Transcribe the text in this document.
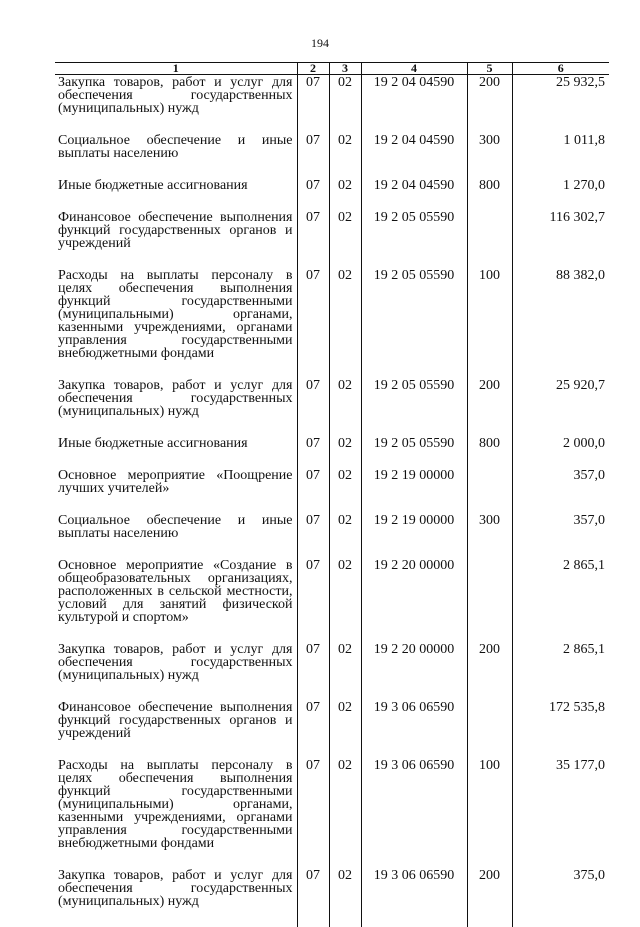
194
1	2	3	4	5	6
Закупка товаров, работ и услуг для обеспечения государственных (муниципальных) нужд	07	02	19 2 04 04590	200	25 932,5
Социальное обеспечение и иные выплаты населению	07	02	19 2 04 04590	300	1 011,8
Иные бюджетные ассигнования	07	02	19 2 04 04590	800	1 270,0
Финансовое обеспечение выполнения функций государственных органов и учреждений	07	02	19 2 05 05590		116 302,7
Расходы на выплаты персоналу в целях обеспечения выполнения функций государственными (муниципальными) органами, казенными учреждениями, органами управления государственными внебюджетными фондами	07	02	19 2 05 05590	100	88 382,0
Закупка товаров, работ и услуг для обеспечения государственных (муниципальных) нужд	07	02	19 2 05 05590	200	25 920,7
Иные бюджетные ассигнования	07	02	19 2 05 05590	800	2 000,0
Основное мероприятие «Поощрение лучших учителей»	07	02	19 2 19 00000		357,0
Социальное обеспечение и иные выплаты населению	07	02	19 2 19 00000	300	357,0
Основное мероприятие «Создание в общеобразовательных организациях, расположенных в сельской местности, условий для занятий физической культурой и спортом»	07	02	19 2 20 00000		2 865,1
Закупка товаров, работ и услуг для обеспечения государственных (муниципальных) нужд	07	02	19 2 20 00000	200	2 865,1
Финансовое обеспечение выполнения функций государственных органов и учреждений	07	02	19 3 06 06590		172 535,8
Расходы на выплаты персоналу в целях обеспечения выполнения функций государственными (муниципальными) органами, казенными учреждениями, органами управления государственными внебюджетными фондами	07	02	19 3 06 06590	100	35 177,0
Закупка товаров, работ и услуг для обеспечения государственных (муниципальных) нужд	07	02	19 3 06 06590	200	375,0
